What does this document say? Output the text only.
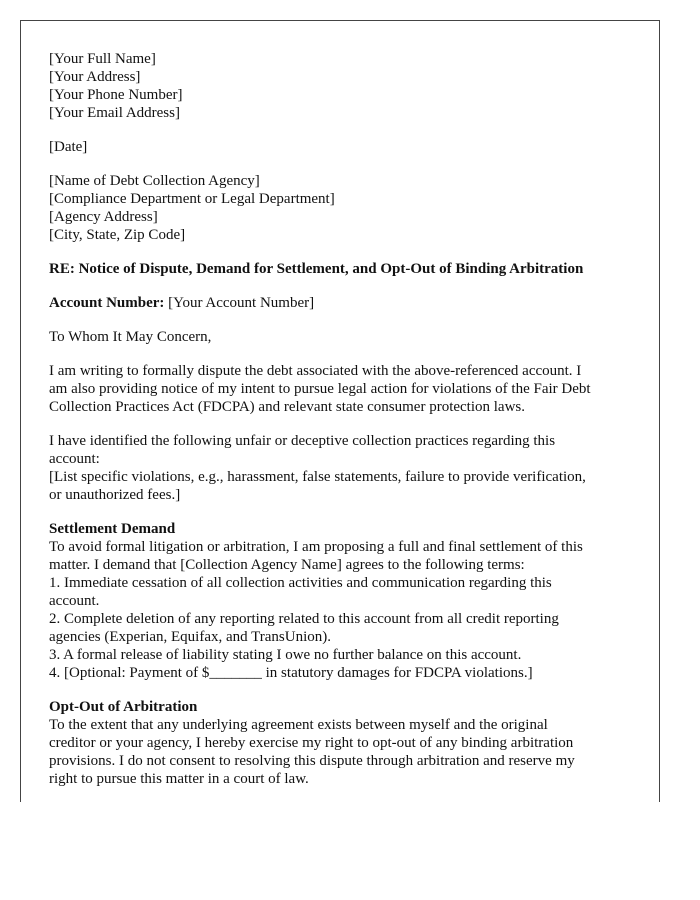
[Your Full Name]
[Your Address]
[Your Phone Number]
[Your Email Address]
[Date]
[Name of Debt Collection Agency]
[Compliance Department or Legal Department]
[Agency Address]
[City, State, Zip Code]
RE: Notice of Dispute, Demand for Settlement, and Opt-Out of Binding Arbitration
Account Number: [Your Account Number]
To Whom It May Concern,
I am writing to formally dispute the debt associated with the above-referenced account. I
am also providing notice of my intent to pursue legal action for violations of the Fair Debt
Collection Practices Act (FDCPA) and relevant state consumer protection laws.
I have identified the following unfair or deceptive collection practices regarding this
account:
[List specific violations, e.g., harassment, false statements, failure to provide verification,
or unauthorized fees.]
Settlement Demand
To avoid formal litigation or arbitration, I am proposing a full and final settlement of this
matter. I demand that [Collection Agency Name] agrees to the following terms:
1. Immediate cessation of all collection activities and communication regarding this
account.
2. Complete deletion of any reporting related to this account from all credit reporting
agencies (Experian, Equifax, and TransUnion).
3. A formal release of liability stating I owe no further balance on this account.
4. [Optional: Payment of $_______ in statutory damages for FDCPA violations.]
Opt-Out of Arbitration
To the extent that any underlying agreement exists between myself and the original
creditor or your agency, I hereby exercise my right to opt-out of any binding arbitration
provisions. I do not consent to resolving this dispute through arbitration and reserve my
right to pursue this matter in a court of law.
